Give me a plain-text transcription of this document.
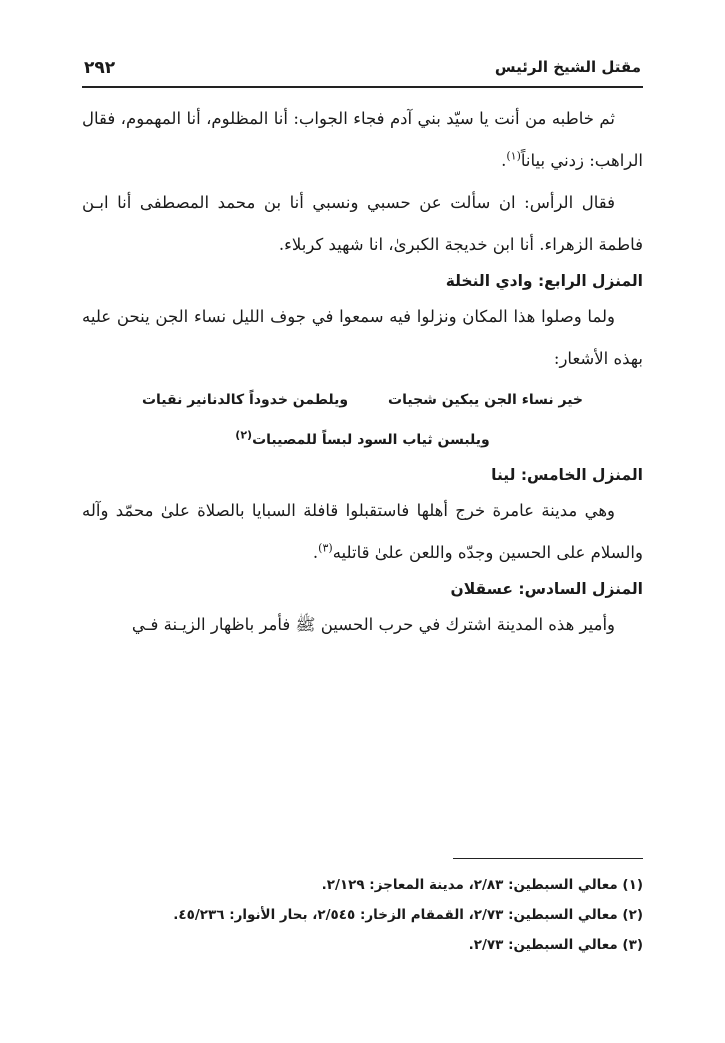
٢٩٢	مقتل الشيخ الرئيس

ثم خاطبه من أنت يا سيّد بني آدم فجاء الجواب: أنا المظلوم، أنا المهموم، فقال الراهب: زدني بياناً$^{(١)}$.

فقال الرأس: ان سألت عن حسبي ونسبي أنا بن محمد المصطفى أنا ابـن فاطمة الزهراء. أنا ابن خديجة الكبرىٰ، انا شهيد كربلاء.

المنزل الرابع: وادي النخلة

ولما وصلوا هذا المكان ونزلوا فيه سمعوا في جوف الليل نساء الجن ينحن عليه بهذه الأشعار:

خير نساء الجن يبكين شجيات
ويلطمن خدوداً كالدنانير نقيات
ويلبسن ثياب السود لبساً للمصيبات$^{(٢)}$
المنزل الخامس: لينا

وهي مدينة عامرة خرج أهلها فاستقبلوا قافلة السبايا بالصلاة علىٰ محمّد وآله والسلام على الحسين وجدّه واللعن علىٰ قاتليه$^{(٣)}$.

المنزل السادس: عسقلان

وأمير هذه المدينة اشترك في حرب الحسين ﷺ فأمر باظهار الزيـنة فـي

(١) معالي السبطين: ٢/٨٣، مدينة المعاجز: ٢/١٢٩.

(٢) معالي السبطين: ٢/٧٣، القمقام الزخار: ٢/٥٤٥، بحار الأنوار: ٤٥/٢٣٦.

(٣) معالي السبطين: ٢/٧٣.
